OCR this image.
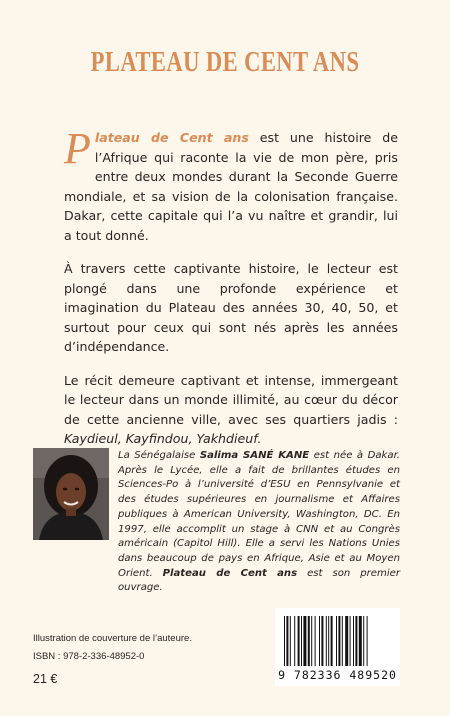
PLATEAU DE CENT ANS

Plateau de Cent ans est une histoire de l’Afrique qui raconte la vie de mon père, pris entre deux mondes durant la Seconde Guerre mondiale, et sa vision de la colonisation française. Dakar, cette capitale qui l’a vu naître et grandir, lui a tout donné.

À travers cette captivante histoire, le lecteur est plongé dans une profonde expérience et imagination du Plateau des années 30, 40, 50, et surtout pour ceux qui sont nés après les années d’indépendance.

Le récit demeure captivant et intense, immergeant le lecteur dans un monde illimité, au cœur du décor de cette ancienne ville, avec ses quartiers jadis : Kaydieul, Kayfindou, Yakhdieuf.

La Sénégalaise Salima SANÉ KANE est née à Dakar. Après le Lycée, elle a fait de brillantes études en Sciences-Po à l’université d’ESU en Pennsylvanie et des études supérieures en journalisme et Affaires publiques à American University, Washington, DC. En 1997, elle accomplit un stage à CNN et au Congrès américain (Capitol Hill). Elle a servi les Nations Unies dans beaucoup de pays en Afrique, Asie et au Moyen Orient. Plateau de Cent ans est son premier ouvrage.
Illustration de couverture de l’auteure.
ISBN : 978-2-336-48952-0
21 €	9 782336 489520
